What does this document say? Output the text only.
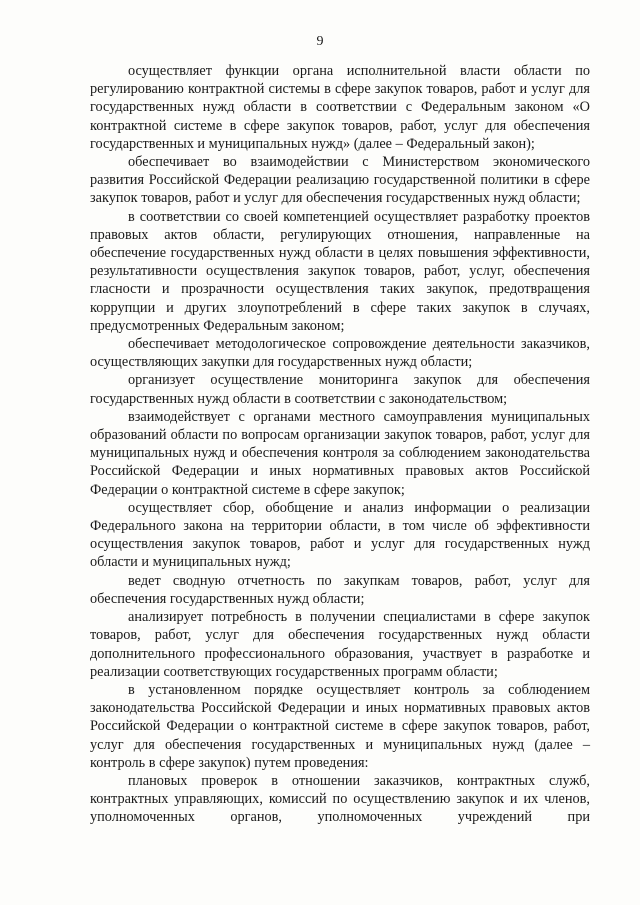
9

осуществляет функции органа исполнительной власти области по регулированию контрактной системы в сфере закупок товаров, работ и услуг для государственных нужд области в соответствии с Федеральным законом «О контрактной системе в сфере закупок товаров, работ, услуг для обеспечения государственных и муниципальных нужд» (далее – Федеральный закон);

обеспечивает во взаимодействии с Министерством экономического развития Российской Федерации реализацию государственной политики в сфере закупок товаров, работ и услуг для обеспечения государственных нужд области;

в соответствии со своей компетенцией осуществляет разработку проектов правовых актов области, регулирующих отношения, направленные на обеспечение государственных нужд области в целях повышения эффективности, результативности осуществления закупок товаров, работ, услуг, обеспечения гласности и прозрачности осуществления таких закупок, предотвращения коррупции и других злоупотреблений в сфере таких закупок в случаях, предусмотренных Федеральным законом;

обеспечивает методологическое сопровождение деятельности заказчиков, осуществляющих закупки для государственных нужд области;

организует осуществление мониторинга закупок для обеспечения государственных нужд области в соответствии с законодательством;

взаимодействует с органами местного самоуправления муниципальных образований области по вопросам организации закупок товаров, работ, услуг для муниципальных нужд и обеспечения контроля за соблюдением законодательства Российской Федерации и иных нормативных правовых актов Российской Федерации о контрактной системе в сфере закупок;

осуществляет сбор, обобщение и анализ информации о реализации Федерального закона на территории области, в том числе об эффективности осуществления закупок товаров, работ и услуг для государственных нужд области и муниципальных нужд;

ведет сводную отчетность по закупкам товаров, работ, услуг для обеспечения государственных нужд области;

анализирует потребность в получении специалистами в сфере закупок товаров, работ, услуг для обеспечения государственных нужд области дополнительного профессионального образования, участвует в разработке и реализации соответствующих государственных программ области;

в установленном порядке осуществляет контроль за соблюдением законодательства Российской Федерации и иных нормативных правовых актов Российской Федерации о контрактной системе в сфере закупок товаров, работ, услуг для обеспечения государственных и муниципальных нужд (далее – контроль в сфере закупок) путем проведения:

плановых проверок в отношении заказчиков, контрактных служб, контрактных управляющих, комиссий по осуществлению закупок и их членов, уполномоченных органов, уполномоченных учреждений при
